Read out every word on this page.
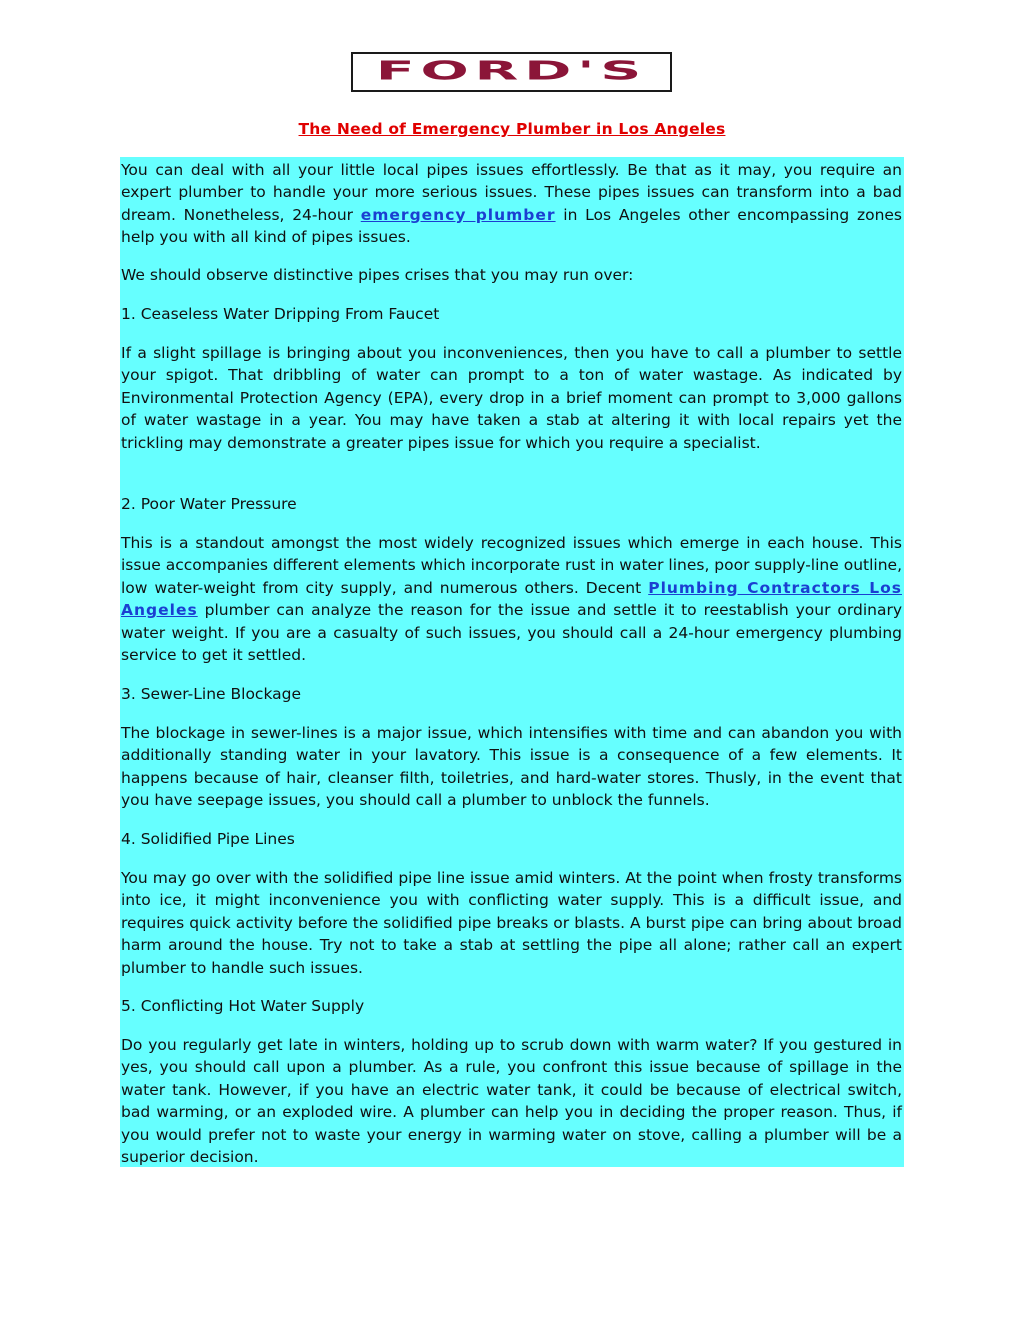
FORD'S
The Need of Emergency Plumber in Los Angeles

You can deal with all your little local pipes issues effortlessly. Be that as it may, you require an expert plumber to handle your more serious issues. These pipes issues can transform into a bad dream. Nonetheless, 24-hour emergency plumber in Los Angeles other encompassing zones help you with all kind of pipes issues.

We should observe distinctive pipes crises that you may run over:

1. Ceaseless Water Dripping From Faucet

If a slight spillage is bringing about you inconveniences, then you have to call a plumber to settle your spigot. That dribbling of water can prompt to a ton of water wastage. As indicated by Environmental Protection Agency (EPA), every drop in a brief moment can prompt to 3,000 gallons of water wastage in a year. You may have taken a stab at altering it with local repairs yet the trickling may demonstrate a greater pipes issue for which you require a specialist.

2. Poor Water Pressure

This is a standout amongst the most widely recognized issues which emerge in each house. This issue accompanies different elements which incorporate rust in water lines, poor supply-line outline, low water-weight from city supply, and numerous others. Decent Plumbing Contractors Los Angeles plumber can analyze the reason for the issue and settle it to reestablish your ordinary water weight. If you are a casualty of such issues, you should call a 24-hour emergency plumbing service to get it settled.

3. Sewer-Line Blockage

The blockage in sewer-lines is a major issue, which intensifies with time and can abandon you with additionally standing water in your lavatory. This issue is a consequence of a few elements. It happens because of hair, cleanser filth, toiletries, and hard-water stores. Thusly, in the event that you have seepage issues, you should call a plumber to unblock the funnels.

4. Solidified Pipe Lines

You may go over with the solidified pipe line issue amid winters. At the point when frosty transforms into ice, it might inconvenience you with conflicting water supply. This is a difficult issue, and requires quick activity before the solidified pipe breaks or blasts. A burst pipe can bring about broad harm around the house. Try not to take a stab at settling the pipe all alone; rather call an expert plumber to handle such issues.

5. Conflicting Hot Water Supply

Do you regularly get late in winters, holding up to scrub down with warm water? If you gestured in yes, you should call upon a plumber. As a rule, you confront this issue because of spillage in the water tank. However, if you have an electric water tank, it could be because of electrical switch, bad warming, or an exploded wire. A plumber can help you in deciding the proper reason. Thus, if you would prefer not to waste your energy in warming water on stove, calling a plumber will be a superior decision.
